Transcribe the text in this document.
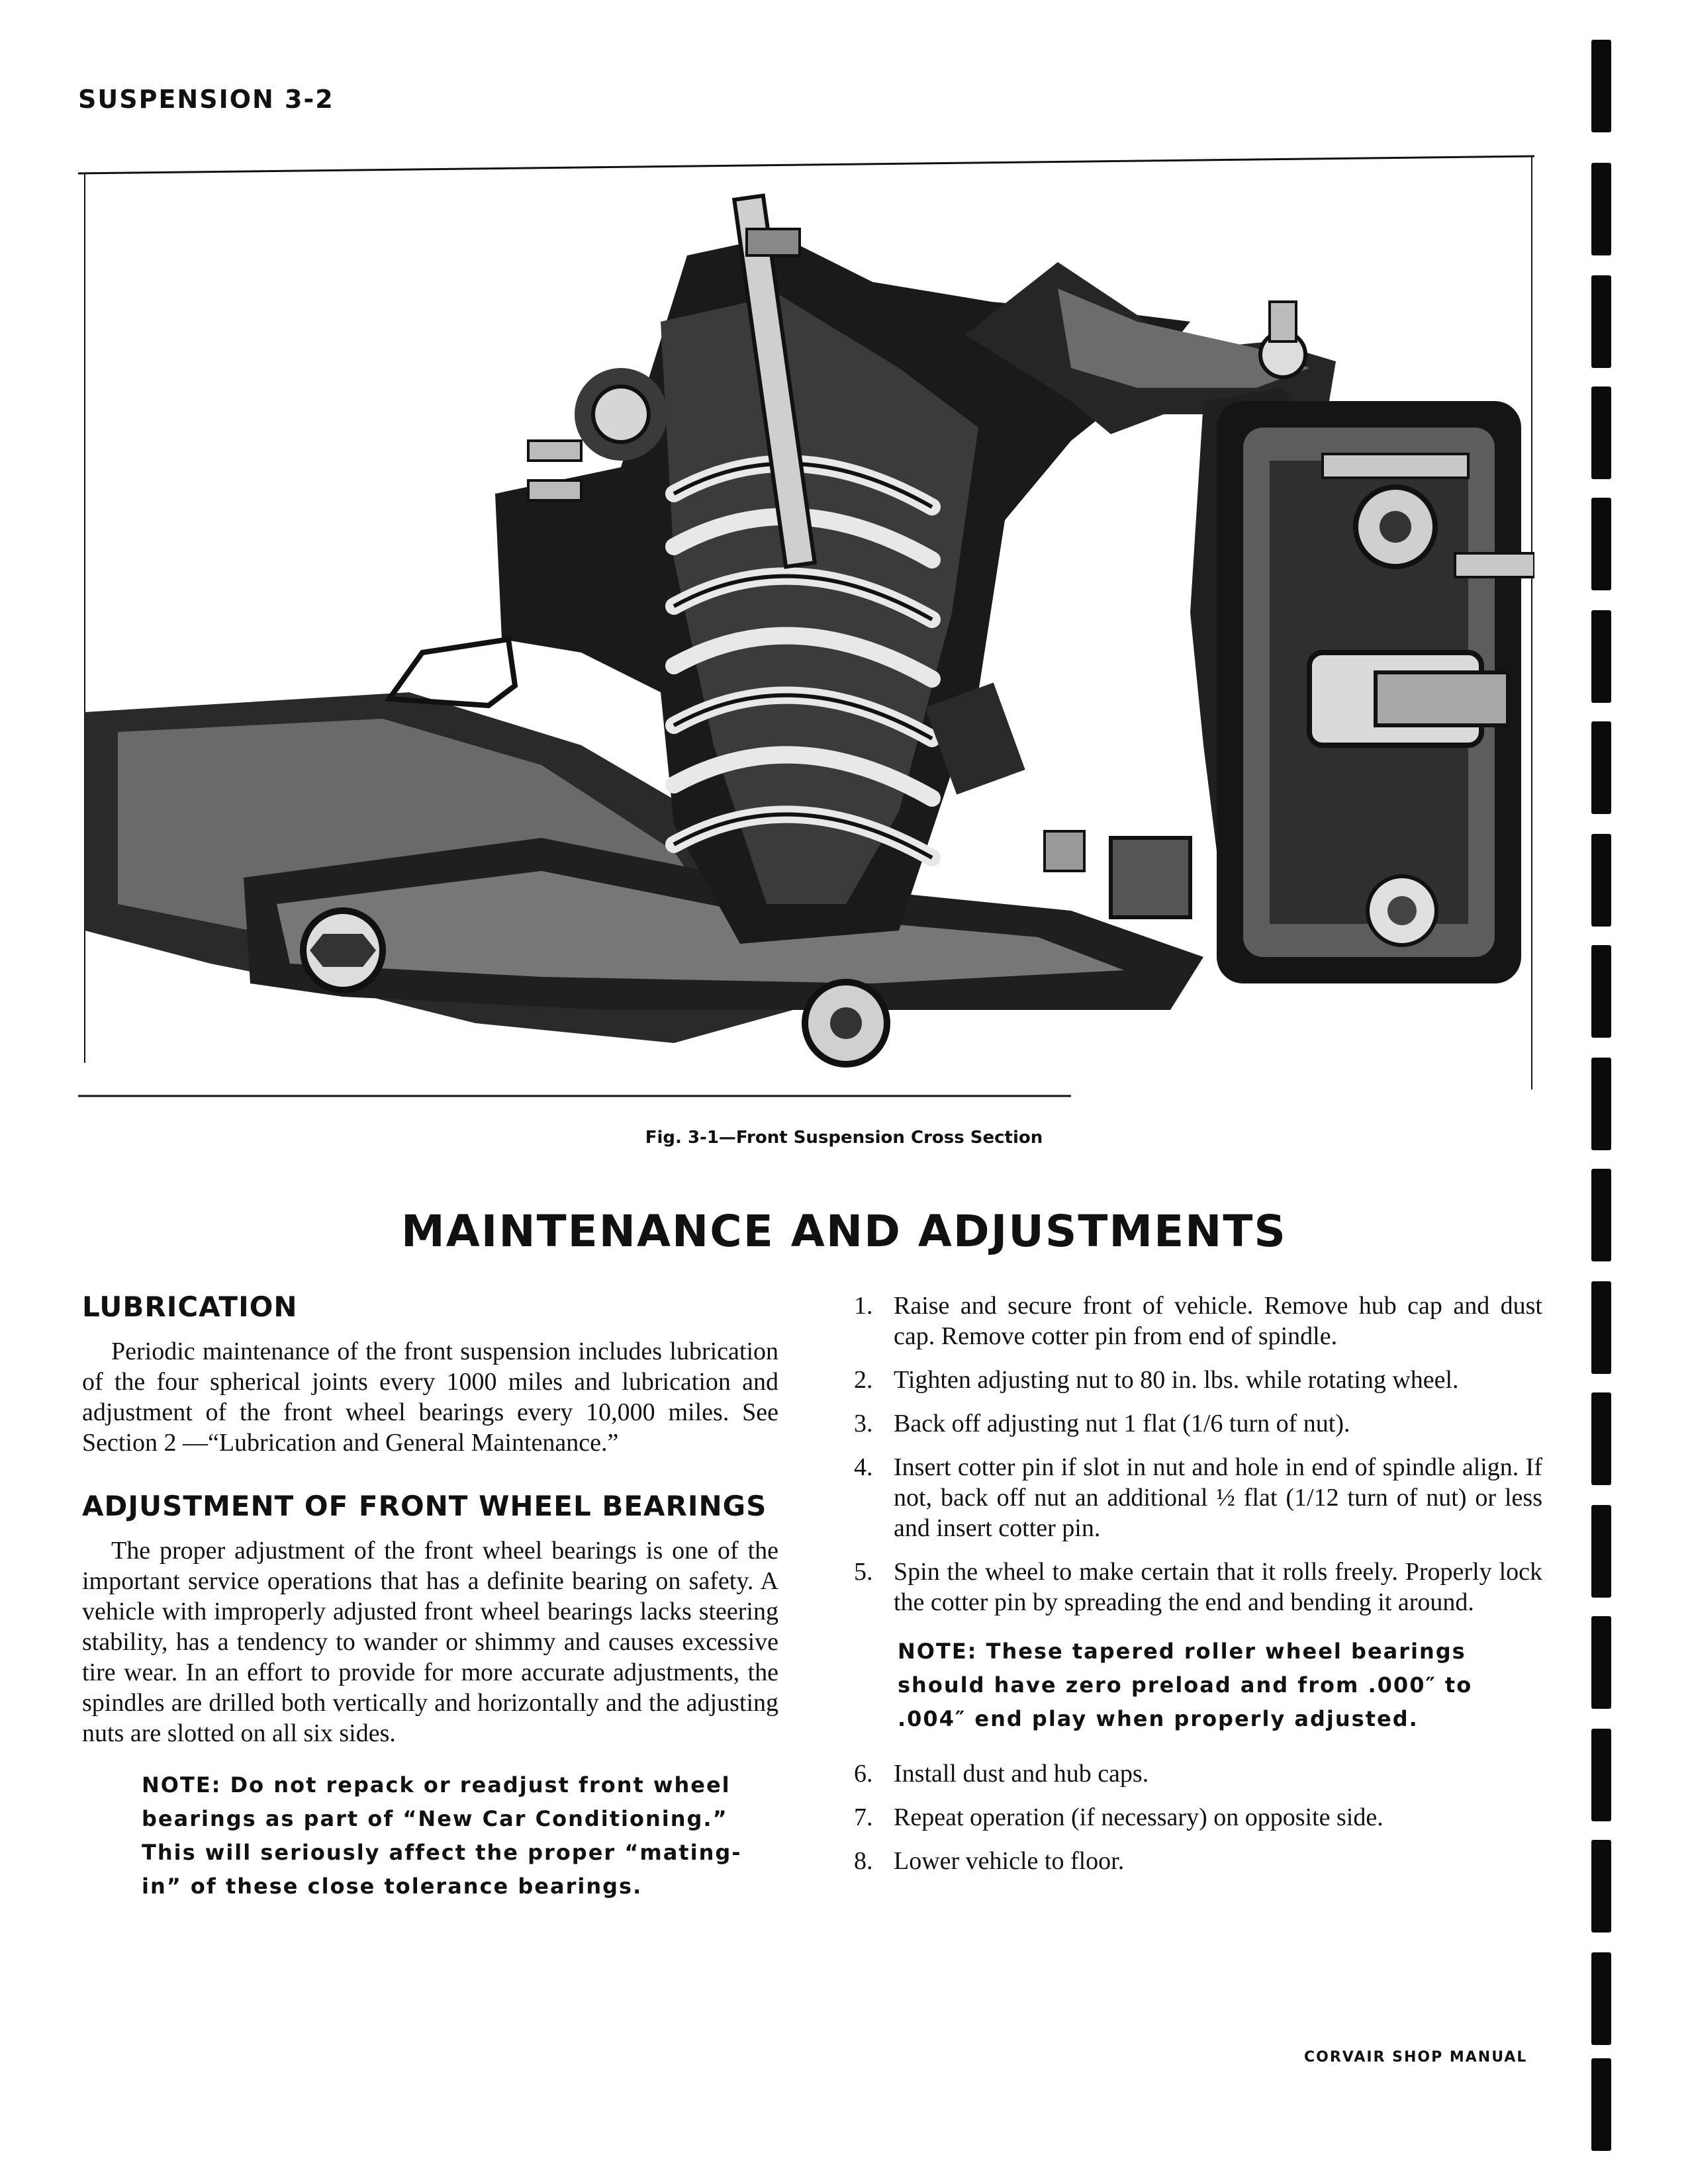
SUSPENSION 3-2
Fig. 3-1—Front Suspension Cross Section
MAINTENANCE AND ADJUSTMENTS
LUBRICATION

Periodic maintenance of the front suspension includes lubrication of the four spherical joints every 1000 miles and lubrication and adjustment of the front wheel bearings every 10,000 miles. See Section 2 —“Lubrication and General Maintenance.”

ADJUSTMENT OF FRONT WHEEL BEARINGS

The proper adjustment of the front wheel bearings is one of the important service operations that has a definite bearing on safety. A vehicle with improperly adjusted front wheel bearings lacks steering stability, has a tendency to wander or shimmy and causes excessive tire wear. In an effort to provide for more accurate adjustments, the spindles are drilled both vertically and horizontally and the adjusting nuts are slotted on all six sides.

NOTE: Do not repack or readjust front wheel bearings as part of “New Car Conditioning.” This will seriously affect the proper “mating-in” of these close tolerance bearings.

1. Raise and secure front of vehicle. Remove hub cap and dust cap. Remove cotter pin from end of spindle.
2. Tighten adjusting nut to 80 in. lbs. while rotating wheel.
3. Back off adjusting nut 1 flat (1/6 turn of nut).
4. Insert cotter pin if slot in nut and hole in end of spindle align. If not, back off nut an additional ½ flat (1/12 turn of nut) or less and insert cotter pin.
5. Spin the wheel to make certain that it rolls freely. Properly lock the cotter pin by spreading the end and bending it around.

NOTE: These tapered roller wheel bearings should have zero preload and from .000″ to .004″ end play when properly adjusted.

6. Install dust and hub caps.
7. Repeat operation (if necessary) on opposite side.
8. Lower vehicle to floor.
CORVAIR SHOP MANUAL
